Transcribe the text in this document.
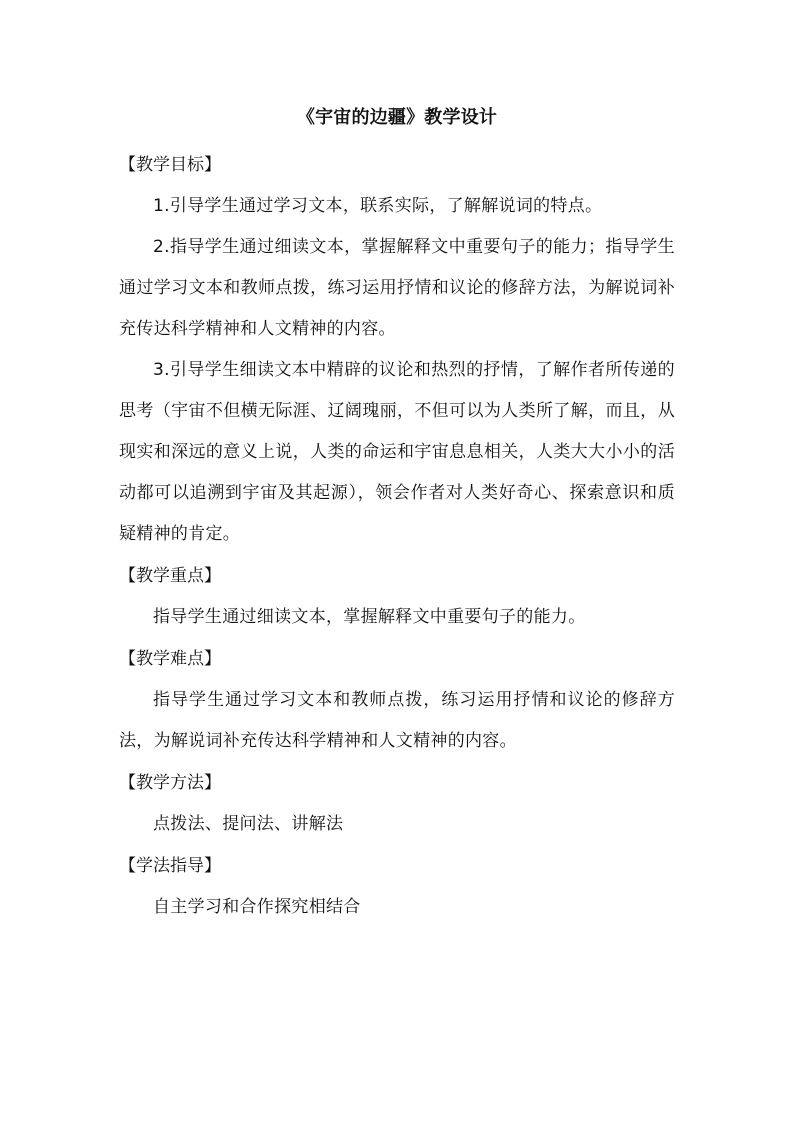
《宇宙的边疆》教学设计

【教学目标】

1.引导学生通过学习文本，联系实际，了解解说词的特点。

2.指导学生通过细读文本，掌握解释文中重要句子的能力；指导学生通过学习文本和教师点拨，练习运用抒情和议论的修辞方法，为解说词补充传达科学精神和人文精神的内容。

3.引导学生细读文本中精辟的议论和热烈的抒情，了解作者所传递的思考（宇宙不但横无际涯、辽阔瑰丽，不但可以为人类所了解，而且，从现实和深远的意义上说，人类的命运和宇宙息息相关，人类大大小小的活动都可以追溯到宇宙及其起源），领会作者对人类好奇心、探索意识和质疑精神的肯定。

【教学重点】

指导学生通过细读文本，掌握解释文中重要句子的能力。

【教学难点】

指导学生通过学习文本和教师点拨，练习运用抒情和议论的修辞方法，为解说词补充传达科学精神和人文精神的内容。

【教学方法】

点拨法、提问法、讲解法

【学法指导】

自主学习和合作探究相结合
